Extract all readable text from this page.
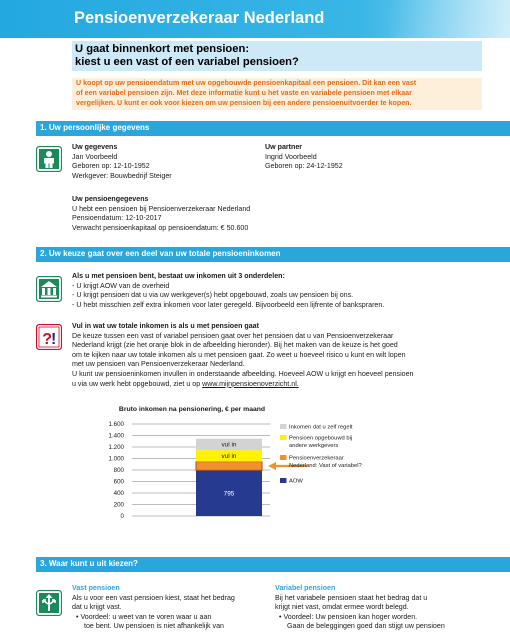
Pensioenverzekeraar Nederland
U gaat binnenkort met pensioen:
kiest u een vast of een variabel pensioen?
U koopt op uw pensioendatum met uw opgebouwde pensioenkapitaal een pensioen. Dit kan een vast
of een variabel pensioen zijn. Met deze informatie kunt u het vaste en variabele pensioen met elkaar
vergelijken. U kunt er ook voor kiezen om uw pensioen bij een andere pensioenuitvoerder te kopen.
1. Uw persoonlijke gegevens
Uw gegevens
Jan Voorbeeld
Geboren op: 12-10-1952
Werkgever: Bouwbedrijf Steiger
Uw partner
Ingrid Voorbeeld
Geboren op: 24-12-1952
Uw pensioengegevens
U hebt een pensioen bij Pensioenverzekeraar Nederland
Pensioendatum: 12-10-2017
Verwacht pensioenkapitaal op pensioendatum: € 50.600
2. Uw keuze gaat over een deel van uw totale pensioeninkomen
Als u met pensioen bent, bestaat uw inkomen uit 3 onderdelen:
- U krijgt AOW van de overheid
- U krijgt pensioen dat u via uw werkgever(s) hebt opgebouwd, zoals uw pensioen bij ons.
- U hebt misschien zelf extra inkomen voor later geregeld. Bijvoorbeeld een lijfrente of bankspraren.
? !
Vul in wat uw totale inkomen is als u met pensioen gaat
De keuze tussen een vast of variabel pensioen gaat over het pensioen dat u van Pensioenverzekeraar
Nederland krijgt (zie het oranje blok in de afbeelding hieronder). Bij het maken van de keuze is het goed
om te kijken naar uw totale inkomen als u met pensioen gaat. Zo weet u hoeveel risico u kunt en wilt lopen
met uw pensioen van Pensioenverzekeraar Nederland.
U kunt uw pensioeninkomen invullen in onderstaande afbeelding. Hoeveel AOW u krijgt en hoeveel pensioen
u via uw werk hebt opgebouwd, ziet u op www.mijnpensioenoverzicht.nl.
Bruto inkomen na pensionering, € per maand
1.600
1.400
1.200
1.000
800
600
400
200
0
795
vul in
vul in
Inkomen dat u zelf regelt
Pensioen opgebouwd bij
andere werkgevers
Pensioenverzekeraar
Nederland: Vast of variabel?
AOW
3. Waar kunt u uit kiezen?
Vast pensioen
Als u voor een vast pensioen kiest, staat het bedrag
dat u krijgt vast.
• Voordeel: u weet van te voren waar u aan
toe bent. Uw pensioen is niet afhankelijk van
Variabel pensioen
Bij het variabele pensioen staat het bedrag dat u
krijgt niet vast, omdat ermee wordt belegd.
• Voordeel: Uw pensioen kan hoger worden.
Gaan de beleggingen goed dan stijgt uw pensioen
